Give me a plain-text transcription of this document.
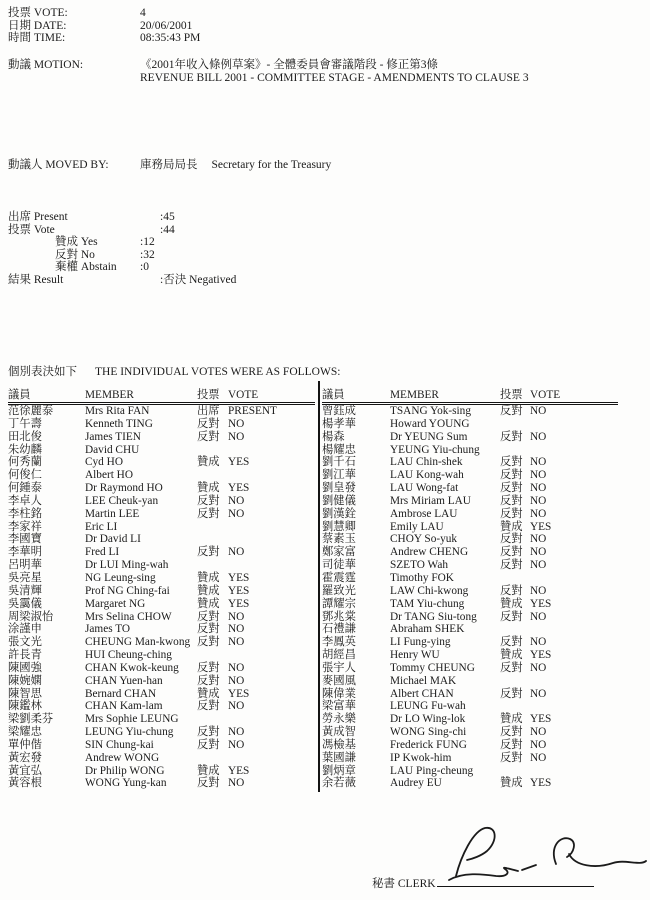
投票 VOTE:	4
日期 DATE:	20/06/2001
時間 TIME:	08:35:43 PM
動議 MOTION:	《2001年收入條例草案》- 全體委員會審議階段 - 修正第3條
REVENUE BILL 2001 - COMMITTEE STAGE - AMENDMENTS TO CLAUSE 3
動議人 MOVED BY:	庫務局局長 Secretary for the Treasury
出席 Present	:45
投票 Vote	:44
贊成 Yes	:12
反對 No	:32
棄權 Abstain	:0
結果 Result	:否決 Negatived
個別表決如下	THE INDIVIDUAL VOTES WERE AS FOLLOWS:
議員	MEMBER	投票 VOTE
范徐麗泰	Mrs Rita FAN	出席 PRESENT
丁午壽	Kenneth TING	反對 NO
田北俊	James TIEN	反對 NO
朱幼麟	David CHU
何秀蘭	Cyd HO	贊成 YES
何俊仁	Albert HO
何鍾泰	Dr Raymond HO	贊成 YES
李卓人	LEE Cheuk-yan	反對 NO
李柱銘	Martin LEE	反對 NO
李家祥	Eric LI
李國寶	Dr David LI
李華明	Fred LI	反對 NO
呂明華	Dr LUI Ming-wah
吳亮星	NG Leung-sing	贊成 YES
吳清輝	Prof NG Ching-fai	贊成 YES
吳靄儀	Margaret NG	贊成 YES
周梁淑怡	Mrs Selina CHOW	反對 NO
涂謹申	James TO	反對 NO
張文光	CHEUNG Man-kwong 反對 NO
許長青	HUI Cheung-ching
陳國強	CHAN Kwok-keung	反對 NO
陳婉嫻	CHAN Yuen-han	反對 NO
陳智思	Bernard CHAN	贊成 YES
陳鑑林	CHAN Kam-lam	反對 NO
梁劉柔芬	Mrs Sophie LEUNG
梁耀忠	LEUNG Yiu-chung	反對 NO
單仲偕	SIN Chung-kai	反對 NO
黃宏發	Andrew WONG
黃宜弘	Dr Philip WONG	贊成 YES
黃容根	WONG Yung-kan	反對 NO
議員	MEMBER	投票 VOTE
曾鈺成	TSANG Yok-sing	反對 NO
楊孝華	Howard YOUNG
楊森	Dr YEUNG Sum	反對 NO
楊耀忠	YEUNG Yiu-chung
劉千石	LAU Chin-shek	反對 NO
劉江華	LAU Kong-wah	反對 NO
劉皇發	LAU Wong-fat	反對 NO
劉健儀	Mrs Miriam LAU	反對 NO
劉漢銓	Ambrose LAU	反對 NO
劉慧卿	Emily LAU	贊成 YES
蔡素玉	CHOY So-yuk	反對 NO
鄭家富	Andrew CHENG	反對 NO
司徒華	SZETO Wah	反對 NO
霍震霆	Timothy FOK
羅致光	LAW Chi-kwong	反對 NO
譚耀宗	TAM Yiu-chung	贊成 YES
鄧兆棠	Dr TANG Siu-tong	反對 NO
石禮謙	Abraham SHEK
李鳳英	LI Fung-ying	反對 NO
胡經昌	Henry WU	贊成 YES
張宇人	Tommy CHEUNG	反對 NO
麥國風	Michael MAK
陳偉業	Albert CHAN	反對 NO
梁富華	LEUNG Fu-wah
勞永樂	Dr LO Wing-lok	贊成 YES
黃成智	WONG Sing-chi	反對 NO
馮檢基	Frederick FUNG	反對 NO
葉國謙	IP Kwok-him	反對 NO
劉炳章	LAU Ping-cheung
余若薇	Audrey EU	贊成 YES
秘書 CLERK
